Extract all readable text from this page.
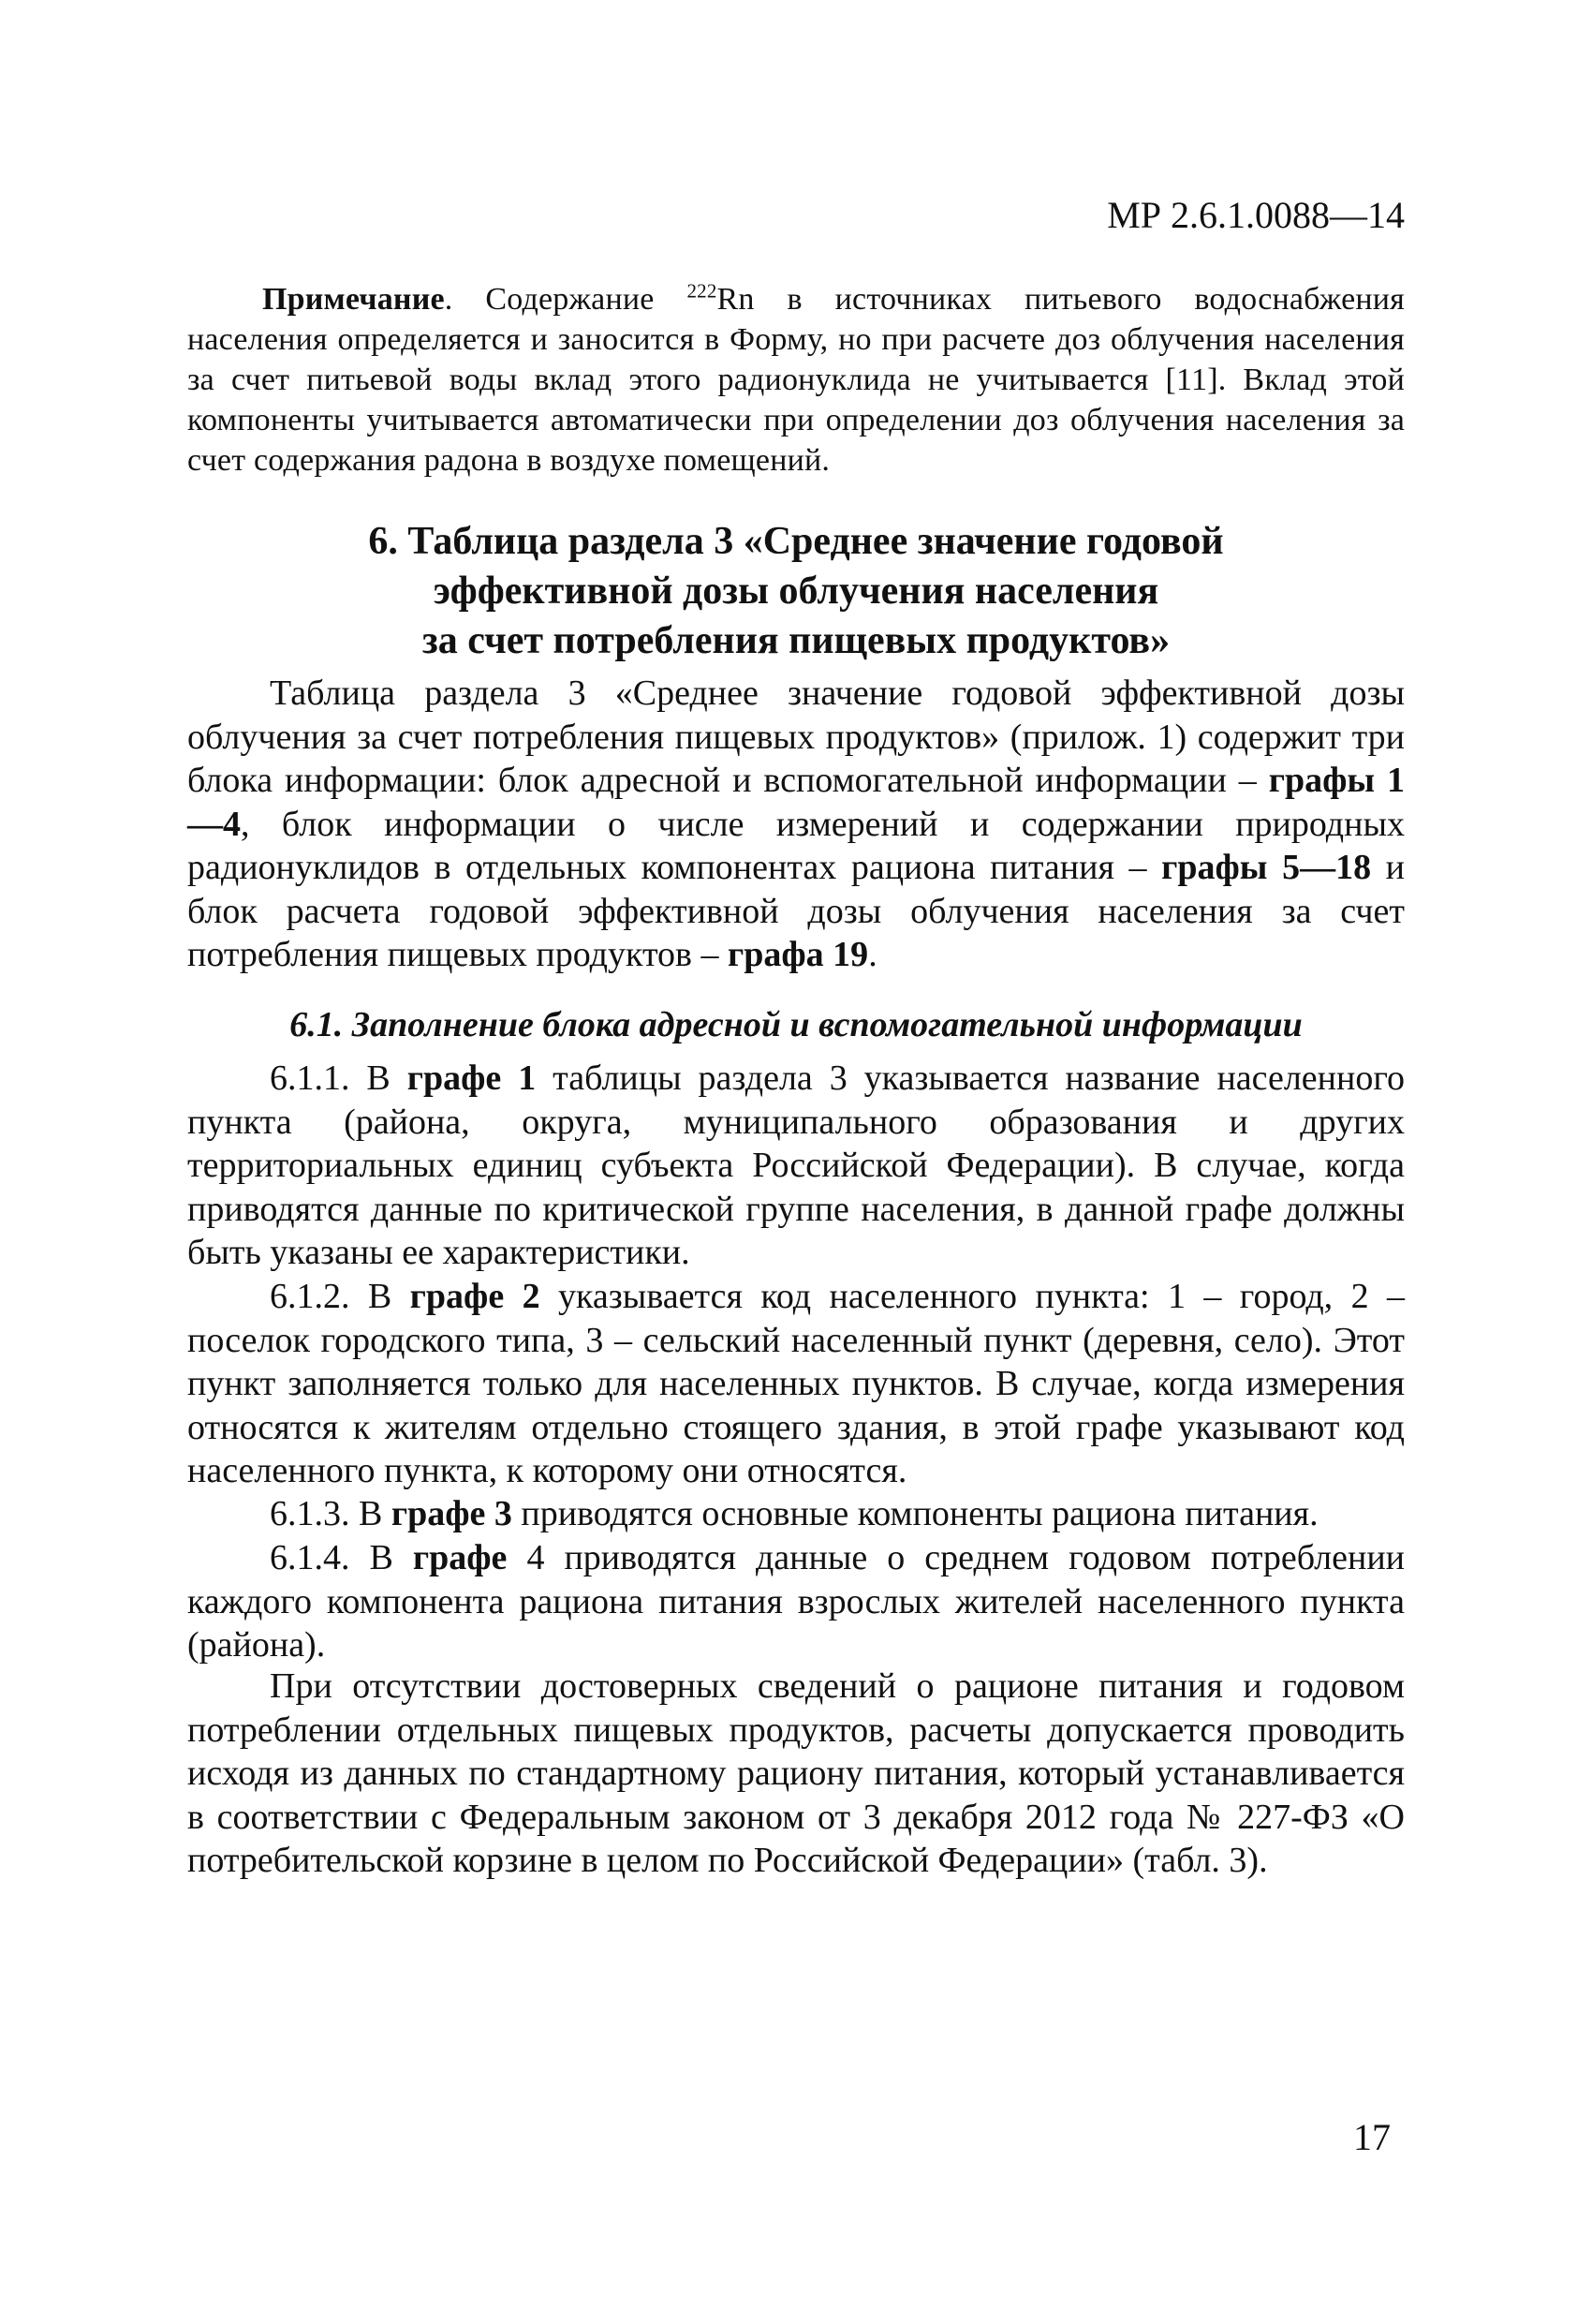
МР 2.6.1.0088—14
Примечание. Содержание $^{222}$Rn в источниках питьевого водоснабжения населения определяется и заносится в Форму, но при расчете доз облучения населения за счет питьевой воды вклад этого радионуклида не учитывается [11]. Вклад этой компоненты учитывается автоматически при определении доз облучения населения за счет содержания радона в воздухе помещений.
6. Таблица раздела 3 «Среднее значение годовой
эффективной дозы облучения населения
за счет потребления пищевых продуктов»
Таблица раздела 3 «Среднее значение годовой эффективной дозы облучения за счет потребления пищевых продуктов» (прилож. 1) содержит три блока информации: блок адресной и вспомогательной информации – графы 1—4, блок информации о числе измерений и содержании природных радионуклидов в отдельных компонентах рациона питания – графы 5—18 и блок расчета годовой эффективной дозы облучения населения за счет потребления пищевых продуктов – графа 19.
6.1. Заполнение блока адресной и вспомогательной информации
6.1.1. В графе 1 таблицы раздела 3 указывается название населенного пункта (района, округа, муниципального образования и других территориальных единиц субъекта Российской Федерации). В случае, когда приводятся данные по критической группе населения, в данной графе должны быть указаны ее характеристики.
6.1.2. В графе 2 указывается код населенного пункта: 1 – город, 2 – поселок городского типа, 3 – сельский населенный пункт (деревня, село). Этот пункт заполняется только для населенных пунктов. В случае, когда измерения относятся к жителям отдельно стоящего здания, в этой графе указывают код населенного пункта, к которому они относятся.
6.1.3. В графе 3 приводятся основные компоненты рациона питания.
6.1.4. В графе 4 приводятся данные о среднем годовом потреблении каждого компонента рациона питания взрослых жителей населенного пункта (района).
При отсутствии достоверных сведений о рационе питания и годовом потреблении отдельных пищевых продуктов, расчеты допускается проводить исходя из данных по стандартному рациону питания, который устанавливается в соответствии с Федеральным законом от 3 декабря 2012 года № 227-ФЗ «О потребительской корзине в целом по Российской Федерации» (табл. 3).
17
